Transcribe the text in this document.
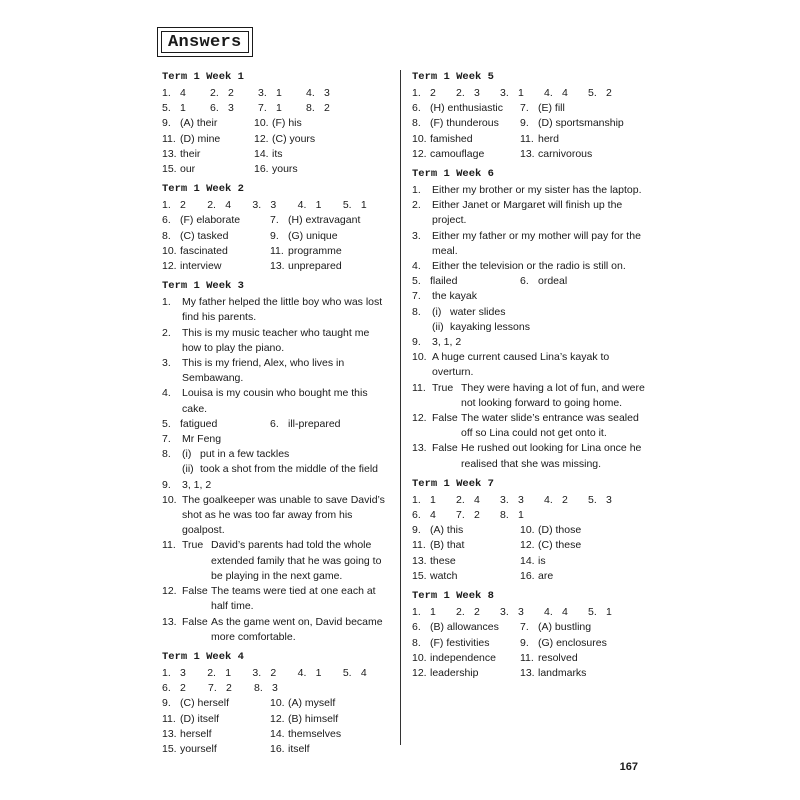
Answers
Term 1 Week 1
1. 4	2. 2	3. 1	4. 3
5. 1	6. 3	7. 1	8. 2
9. (A) their	10. (F) his
11. (D) mine	12. (C) yours
13. their	14. its
15. our	16. yours
Term 1 Week 2
1. 2	2. 4	3. 3	4. 1	5. 1
6. (F) elaborate	7. (H) extravagant
8. (C) tasked	9. (G) unique
10. fascinated	11. programme
12. interview	13. unprepared
Term 1 Week 3
1.	My father helped the little boy who was lost find his parents.
2.	This is my music teacher who taught me how to play the piano.
3.	This is my friend, Alex, who lives in Sembawang.
4.	Louisa is my cousin who bought me this cake.
5. fatigued	6. ill-prepared
7.	Mr Feng
8.	(i) put in a few tackles
(ii) took a shot from the middle of the field
9.	3, 1, 2
10. The goalkeeper was unable to save David’s shot as he was too far away from his goalpost.
11. True David’s parents had told the whole extended family that he was going to be playing in the next game.
12. False The teams were tied at one each at half time.
13. False As the game went on, David became more comfortable.
Term 1 Week 4
1. 3	2. 1	3. 2	4. 1	5. 4
6. 2	7. 2	8. 3
9. (C) herself	10. (A) myself
11. (D) itself	12. (B) himself
13. herself	14. themselves
15. yourself	16. itself
Term 1 Week 5
1. 2	2. 3	3. 1	4. 4	5. 2
6. (H) enthusiastic	7. (E) fill
8. (F) thunderous	9. (D) sportsmanship
10. famished	11. herd
12. camouflage	13. carnivorous
Term 1 Week 6
1.	Either my brother or my sister has the laptop.
2.	Either Janet or Margaret will finish up the project.
3.	Either my father or my mother will pay for the meal.
4.	Either the television or the radio is still on.
5. flailed	6. ordeal
7.	the kayak
8.	(i) water slides
(ii) kayaking lessons
9.	3, 1, 2
10. A huge current caused Lina’s kayak to overturn.
11. True They were having a lot of fun, and were not looking forward to going home.
12. False The water slide’s entrance was sealed off so Lina could not get onto it.
13. False He rushed out looking for Lina once he realised that she was missing.
Term 1 Week 7
1. 1	2. 4	3. 3	4. 2	5. 3
6. 4	7. 2	8. 1
9. (A) this	10. (D) those
11. (B) that	12. (C) these
13. these	14. is
15. watch	16. are
Term 1 Week 8
1. 1	2. 2	3. 3	4. 4	5. 1
6. (B) allowances	7. (A) bustling
8. (F) festivities	9. (G) enclosures
10. independence	11. resolved
12. leadership	13. landmarks
167
